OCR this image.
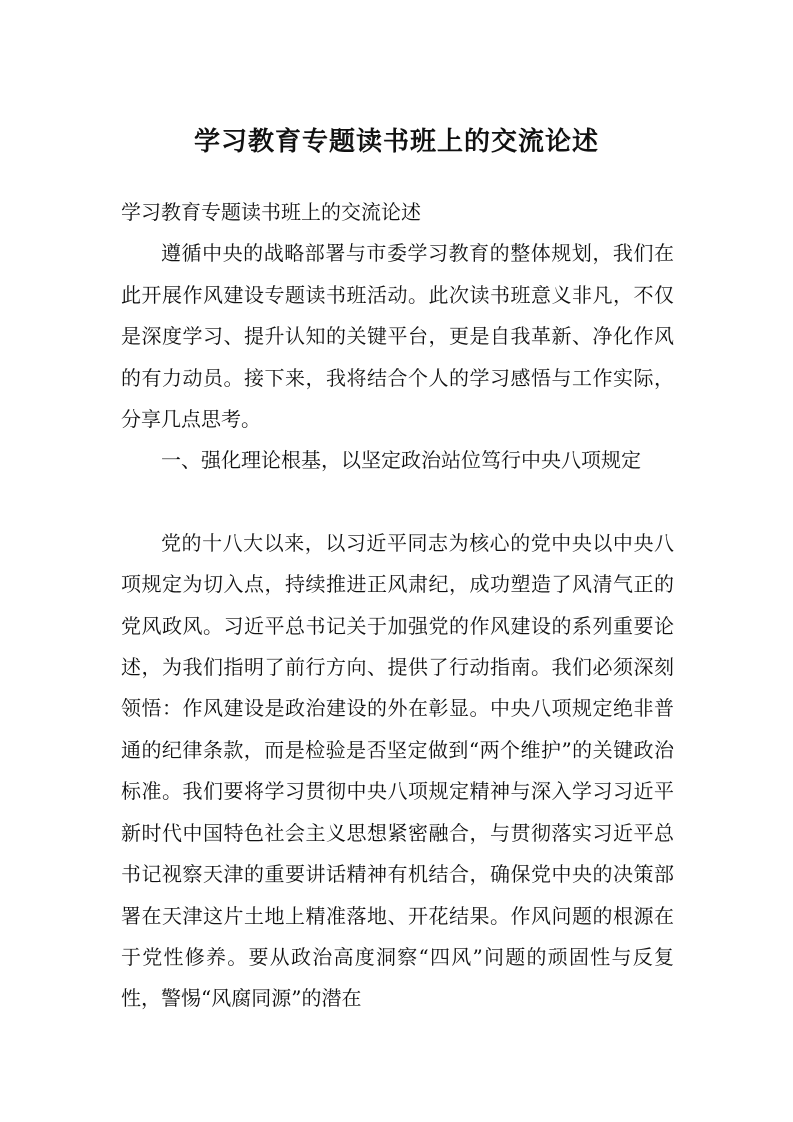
学习教育专题读书班上的交流论述

学习教育专题读书班上的交流论述

遵循中央的战略部署与市委学习教育的整体规划，我们在此开展作风建设专题读书班活动。此次读书班意义非凡，不仅是深度学习、提升认知的关键平台，更是自我革新、净化作风的有力动员。接下来，我将结合个人的学习感悟与工作实际，分享几点思考。

一、强化理论根基，以坚定政治站位笃行中央八项规定

党的十八大以来，以习近平同志为核心的党中央以中央八项规定为切入点，持续推进正风肃纪，成功塑造了风清气正的党风政风。习近平总书记关于加强党的作风建设的系列重要论述，为我们指明了前行方向、提供了行动指南。我们必须深刻领悟：作风建设是政治建设的外在彰显。中央八项规定绝非普通的纪律条款，而是检验是否坚定做到“两个维护”的关键政治标准。我们要将学习贯彻中央八项规定精神与深入学习习近平新时代中国特色社会主义思想紧密融合，与贯彻落实习近平总书记视察天津的重要讲话精神有机结合，确保党中央的决策部署在天津这片土地上精准落地、开花结果。作风问题的根源在于党性修养。要从政治高度洞察“四风”问题的顽固性与反复性，警惕“风腐同源”的潜在
